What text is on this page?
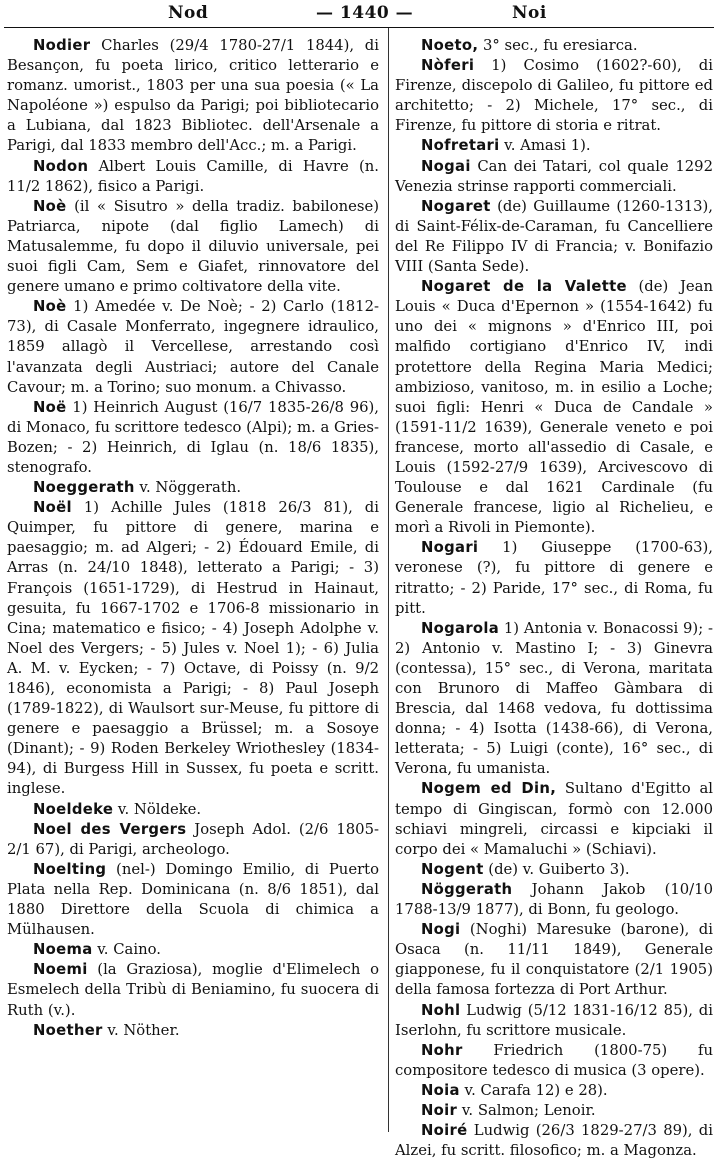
Nod	— 1440 —	Noi

Nodier Charles (29/4 1780-27/1 1844), di Besançon, fu poeta lirico, critico letterario e romanz. umorist., 1803 per una sua poesia (« La Napoléone ») espulso da Parigi; poi bibliotecario a Lubiana, dal 1823 Bibliotec. dell'Arsenale a Parigi, dal 1833 membro dell'Acc.; m. a Parigi.

Nodon Albert Louis Camille, di Havre (n. 11/2 1862), fisico a Parigi.

Noè (il « Sisutro » della tradiz. babilonese) Patriarca, nipote (dal figlio Lamech) di Matusalemme, fu dopo il diluvio universale, pei suoi figli Cam, Sem e Giafet, rinnovatore del genere umano e primo coltivatore della vite.

Noè 1) Amedée v. De Noè; - 2) Carlo (1812-73), di Casale Monferrato, ingegnere idraulico, 1859 allagò il Vercellese, arrestando così l'avanzata degli Austriaci; autore del Canale Cavour; m. a Torino; suo monum. a Chivasso.

Noë 1) Heinrich August (16/7 1835-26/8 96), di Monaco, fu scrittore tedesco (Alpi); m. a Gries-Bozen; - 2) Heinrich, di Iglau (n. 18/6 1835), stenografo.

Noeggerath v. Nöggerath.

Noël 1) Achille Jules (1818 26/3 81), di Quimper, fu pittore di genere, marina e paesaggio; m. ad Algeri; - 2) Édouard Emile, di Arras (n. 24/10 1848), letterato a Parigi; - 3) François (1651-1729), di Hestrud in Hainaut, gesuita, fu 1667-1702 e 1706-8 missionario in Cina; matematico e fisico; - 4) Joseph Adolphe v. Noel des Vergers; - 5) Jules v. Noel 1); - 6) Julia A. M. v. Eycken; - 7) Octave, di Poissy (n. 9/2 1846), economista a Parigi; - 8) Paul Joseph (1789-1822), di Waulsort sur-Meuse, fu pittore di genere e paesaggio a Brüssel; m. a Sosoye (Dinant); - 9) Roden Berkeley Wriothesley (1834-94), di Burgess Hill in Sussex, fu poeta e scritt. inglese.

Noeldeke v. Nöldeke.

Noel des Vergers Joseph Adol. (2/6 1805-2/1 67), di Parigi, archeologo.

Noelting (nel-) Domingo Emilio, di Puerto Plata nella Rep. Dominicana (n. 8/6 1851), dal 1880 Direttore della Scuola di chimica a Mülhausen.

Noema v. Caino.

Noemi (la Graziosa), moglie d'Elimelech o Esmelech della Tribù di Beniamino, fu suocera di Ruth (v.).

Noether v. Nöther.

Noeto, 3° sec., fu eresiarca.

Nòferi 1) Cosimo (1602?-60), di Firenze, discepolo di Galileo, fu pittore ed architetto; - 2) Michele, 17° sec., di Firenze, fu pittore di storia e ritrat.

Nofretari v. Amasi 1).

Nogai Can dei Tatari, col quale 1292 Venezia strinse rapporti commerciali.

Nogaret (de) Guillaume (1260-1313), di Saint-Félix-de-Caraman, fu Cancelliere del Re Filippo IV di Francia; v. Bonifazio VIII (Santa Sede).

Nogaret de la Valette (de) Jean Louis « Duca d'Epernon » (1554-1642) fu uno dei « mignons » d'Enrico III, poi malfido cortigiano d'Enrico IV, indi protettore della Regina Maria Medici; ambizioso, vanitoso, m. in esilio a Loche; suoi figli: Henri « Duca de Candale » (1591-11/2 1639), Generale veneto e poi francese, morto all'assedio di Casale, e Louis (1592-27/9 1639), Arcivescovo di Toulouse e dal 1621 Cardinale (fu Generale francese, ligio al Richelieu, e morì a Rivoli in Piemonte).

Nogari 1) Giuseppe (1700-63), veronese (?), fu pittore di genere e ritratto; - 2) Paride, 17° sec., di Roma, fu pitt.

Nogarola 1) Antonia v. Bonacossi 9); - 2) Antonio v. Mastino I; - 3) Ginevra (contessa), 15° sec., di Verona, maritata con Brunoro di Maffeo Gàmbara di Brescia, dal 1468 vedova, fu dottissima donna; - 4) Isotta (1438-66), di Verona, letterata; - 5) Luigi (conte), 16° sec., di Verona, fu umanista.

Nogem ed Din, Sultano d'Egitto al tempo di Gingiscan, formò con 12.000 schiavi mingreli, circassi e kipciaki il corpo dei « Mamaluchi » (Schiavi).

Nogent (de) v. Guiberto 3).

Nöggerath Johann Jakob (10/10 1788-13/9 1877), di Bonn, fu geologo.

Nogi (Noghi) Maresuke (barone), di Osaca (n. 11/11 1849), Generale giapponese, fu il conquistatore (2/1 1905) della famosa fortezza di Port Arthur.

Nohl Ludwig (5/12 1831-16/12 85), di Iserlohn, fu scrittore musicale.

Nohr Friedrich (1800-75) fu compositore tedesco di musica (3 opere).

Noia v. Carafa 12) e 28).

Noir v. Salmon; Lenoir.

Noiré Ludwig (26/3 1829-27/3 89), di Alzei, fu scritt. filosofico; m. a Magonza.
